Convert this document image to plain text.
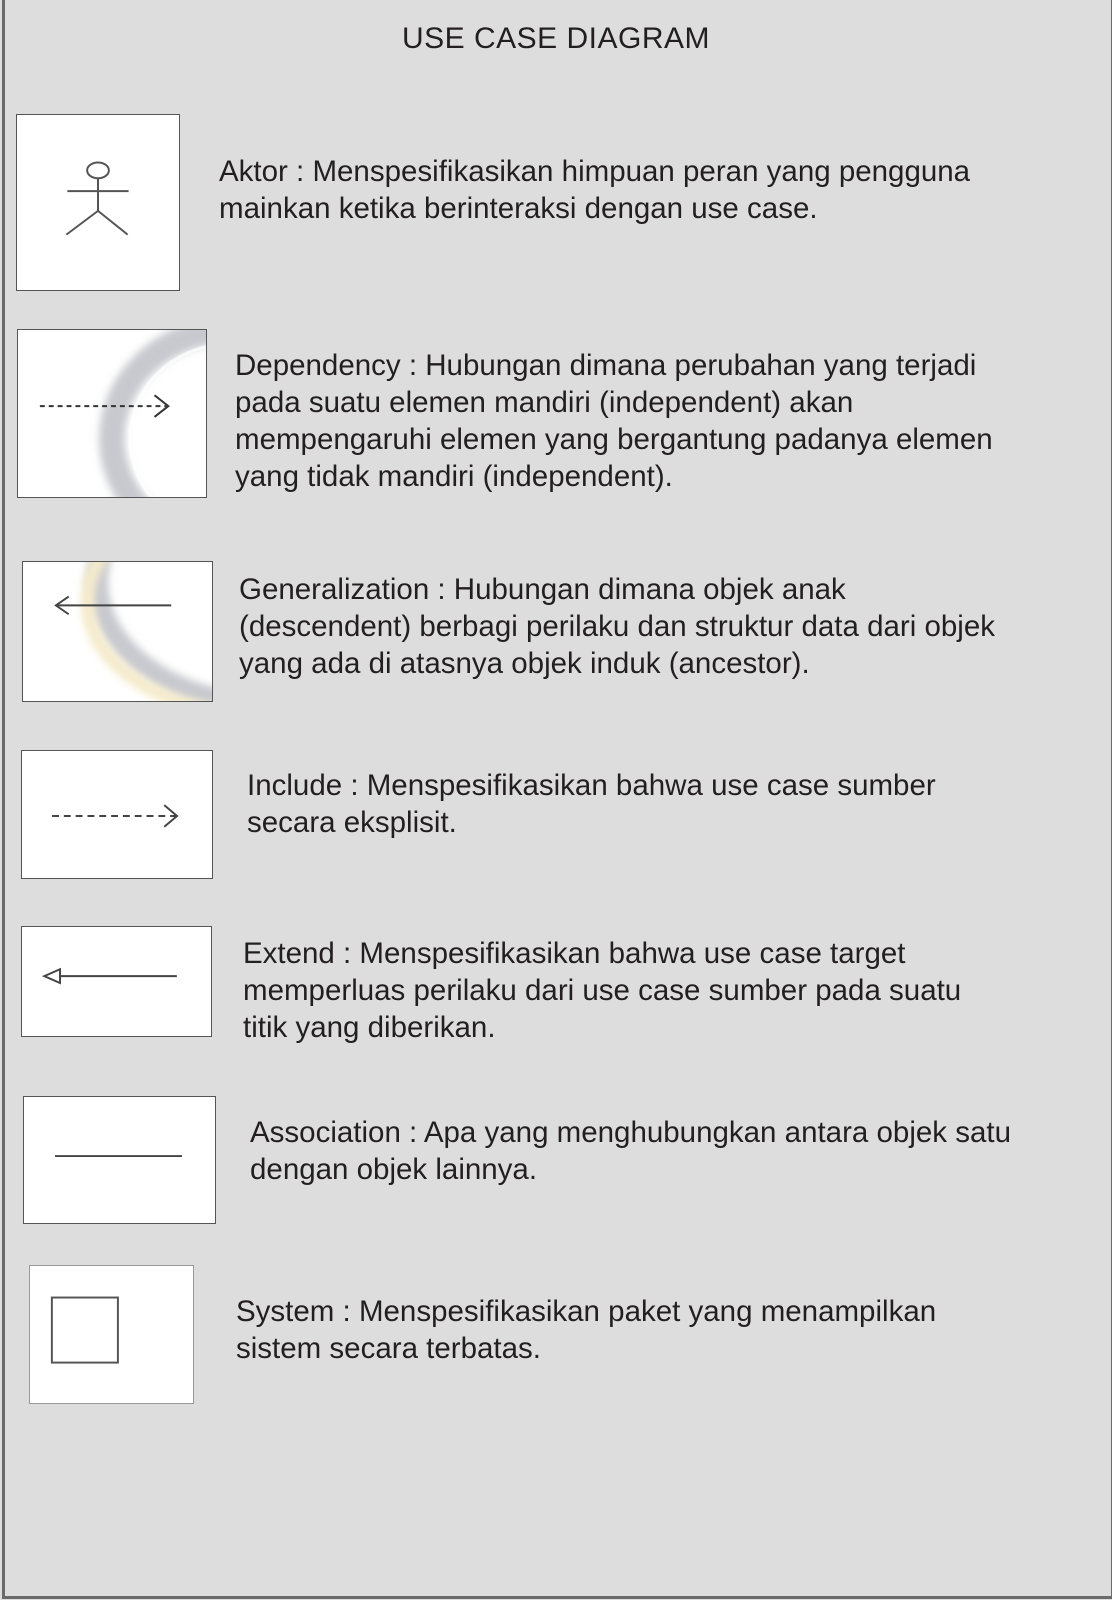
USE CASE DIAGRAM
Aktor : Menspesifikasikan himpuan peran yang pengguna
mainkan ketika berinteraksi dengan use case.
Dependency : Hubungan dimana perubahan yang terjadi
pada suatu elemen mandiri (independent) akan
mempengaruhi elemen yang bergantung padanya elemen
yang tidak mandiri (independent).
Generalization : Hubungan dimana objek anak
(descendent) berbagi perilaku dan struktur data dari objek
yang ada di atasnya objek induk (ancestor).
Include : Menspesifikasikan bahwa use case sumber
secara eksplisit.
Extend : Menspesifikasikan bahwa use case target
memperluas perilaku dari use case sumber pada suatu
titik yang diberikan.
Association : Apa yang menghubungkan antara objek satu
dengan objek lainnya.
System : Menspesifikasikan paket yang menampilkan
sistem secara terbatas.
